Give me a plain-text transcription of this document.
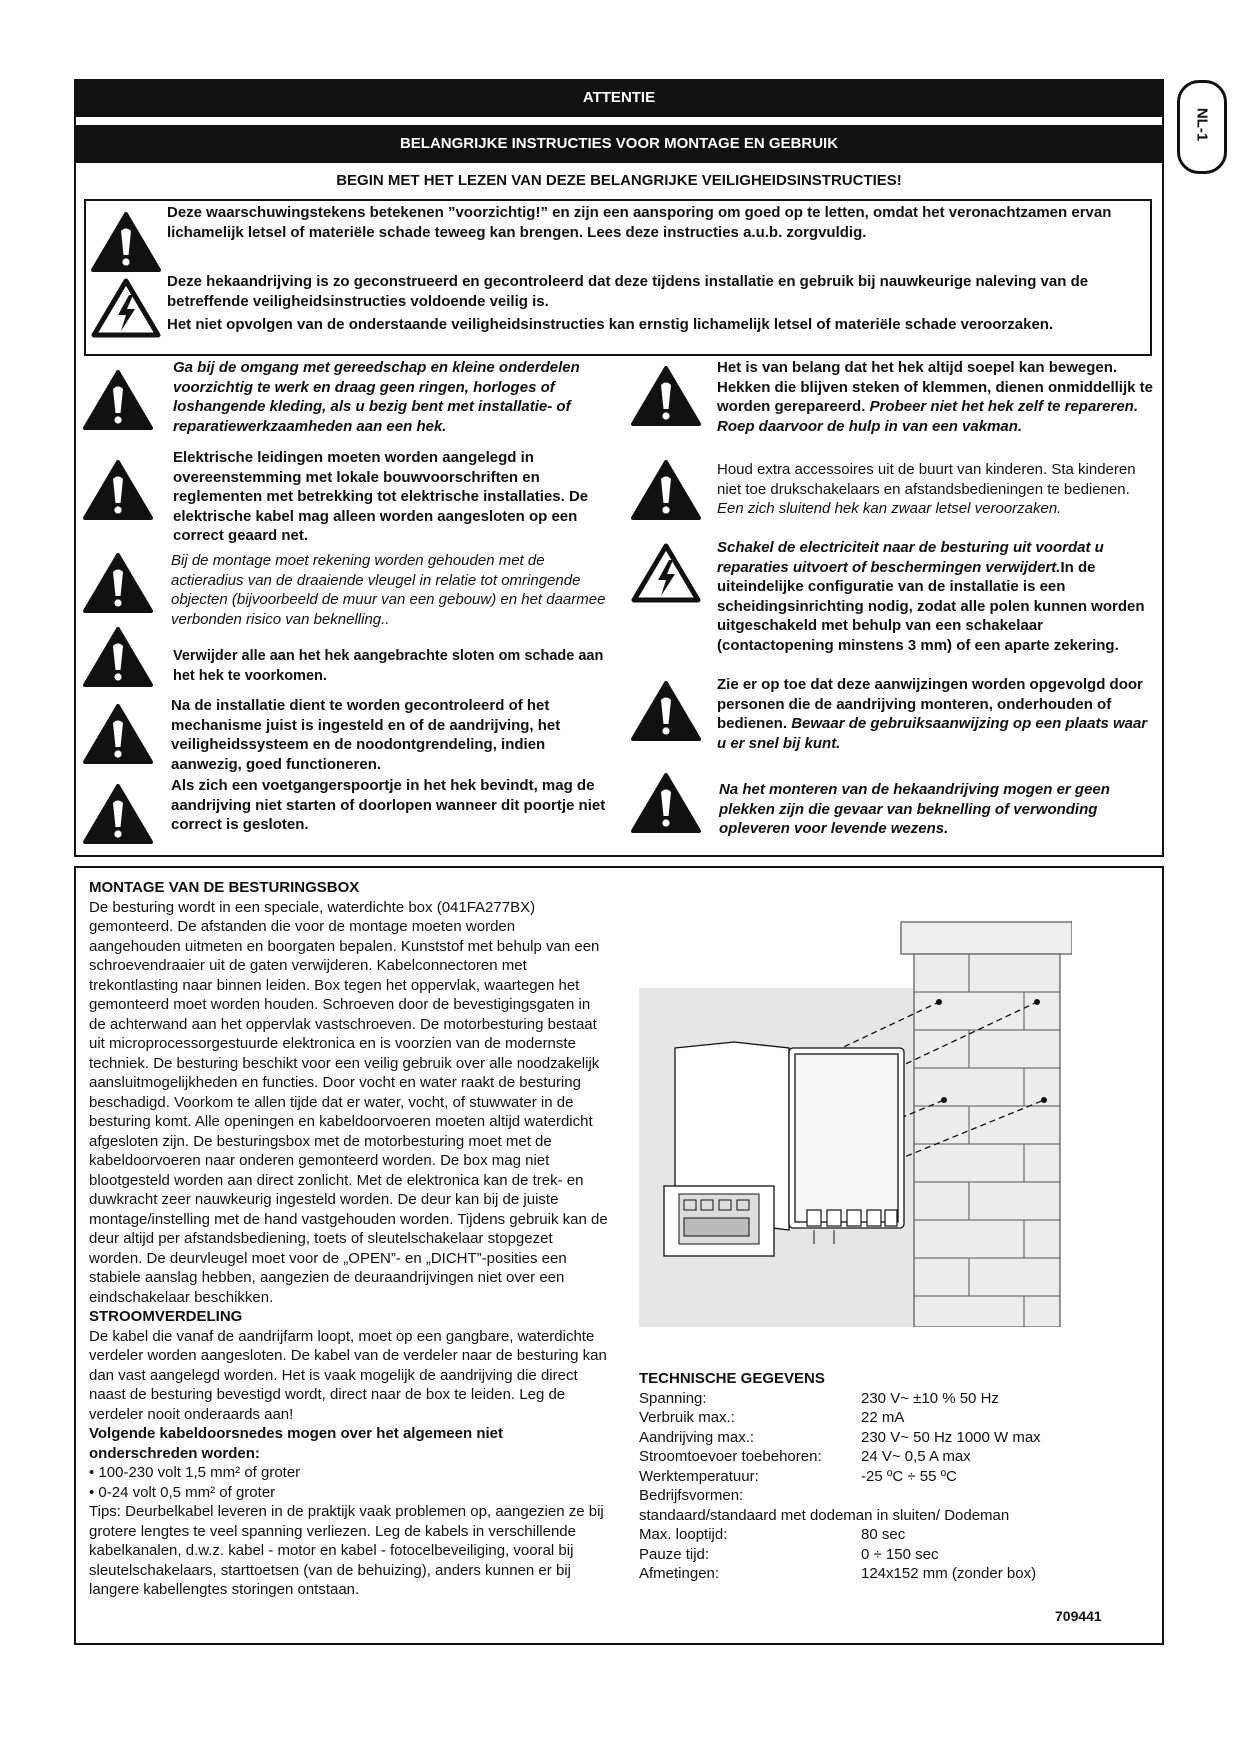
ATTENTIE
BELANGRIJKE INSTRUCTIES VOOR MONTAGE EN GEBRUIK
BEGIN MET HET LEZEN VAN DEZE BELANGRIJKE VEILIGHEIDSINSTRUCTIES!
NL-1
Deze waarschuwingstekens betekenen ”voorzichtig!” en zijn een aansporing om goed op te letten, omdat het veronachtzamen ervan lichamelijk letsel of materiële schade teweeg kan brengen. Lees deze instructies a.u.b. zorgvuldig.
Deze hekaandrijving is zo geconstrueerd en gecontroleerd dat deze tijdens installatie en gebruik bij nauwkeurige naleving van de betreffende veiligheidsinstructies voldoende veilig is.
Het niet opvolgen van de onderstaande veiligheidsinstructies kan ernstig lichamelijk letsel of materiële schade veroorzaken.
Ga bij de omgang met gereedschap en kleine onderdelen voorzichtig te werk en draag geen ringen, horloges of loshangende kleding, als u bezig bent met installatie- of reparatiewerkzaamheden aan een hek.
Elektrische leidingen moeten worden aangelegd in overeenstemming met lokale bouwvoorschriften en reglementen met betrekking tot elektrische installaties. De elektrische kabel mag alleen worden aangesloten op een correct geaard net.
Bij de montage moet rekening worden gehouden met de actieradius van de draaiende vleugel in relatie tot omringende objecten (bijvoorbeeld de muur van een gebouw) en het daarmee verbonden risico van beknelling..
Verwijder alle aan het hek aangebrachte sloten om schade aan het hek te voorkomen.
Na de installatie dient te worden gecontroleerd of het mechanisme juist is ingesteld en of de aandrijving, het veiligheidssysteem en de noodontgrendeling, indien aanwezig, goed functioneren.
Als zich een voetgangerspoortje in het hek bevindt, mag de aandrijving niet starten of doorlopen wanneer dit poortje niet correct is gesloten.
Het is van belang dat het hek altijd soepel kan bewegen. Hekken die blijven steken of klemmen, dienen onmiddellijk te worden gerepareerd. Probeer niet het hek zelf te repareren. Roep daarvoor de hulp in van een vakman.
Houd extra accessoires uit de buurt van kinderen. Sta kinderen niet toe drukschakelaars en afstandsbedieningen te bedienen. Een zich sluitend hek kan zwaar letsel veroorzaken.
Schakel de electriciteit naar de besturing uit voordat u reparaties uitvoert of beschermingen verwijdert.In de uiteindelijke configuratie van de installatie is een scheidingsinrichting nodig, zodat alle polen kunnen worden uitgeschakeld met behulp van een schakelaar (contactopening minstens 3 mm) of een aparte zekering.
Zie er op toe dat deze aanwijzingen worden opgevolgd door personen die de aandrijving monteren, onderhouden of bedienen. Bewaar de gebruiksaanwijzing op een plaats waar u er snel bij kunt.
Na het monteren van de hekaandrijving mogen er geen plekken zijn die gevaar van beknelling of verwonding opleveren voor levende wezens.
MONTAGE VAN DE BESTURINGSBOX
De besturing wordt in een speciale, waterdichte box (041FA277BX) gemonteerd. De afstanden die voor de montage moeten worden aangehouden uitmeten en boorgaten bepalen. Kunststof met behulp van een schroevendraaier uit de gaten verwijderen. Kabelconnectoren met trekontlasting naar binnen leiden. Box tegen het oppervlak, waartegen het gemonteerd moet worden houden. Schroeven door de bevestigingsgaten in de achterwand aan het oppervlak vastschroeven. De motorbesturing bestaat uit microprocessorgestuurde elektronica en is voorzien van de modernste techniek. De besturing beschikt voor een veilig gebruik over alle noodzakelijk aansluitmogelijkheden en functies. Door vocht en water raakt de besturing beschadigd. Voorkom te allen tijde dat er water, vocht, of stuwwater in de besturing komt. Alle openingen en kabeldoorvoeren moeten altijd waterdicht afgesloten zijn. De besturingsbox met de motorbesturing moet met de kabeldoorvoeren naar onderen gemonteerd worden. De box mag niet blootgesteld worden aan direct zonlicht. Met de elektronica kan de trek- en duwkracht zeer nauwkeurig ingesteld worden. De deur kan bij de juiste montage/instelling met de hand vastgehouden worden. Tijdens gebruik kan de deur altijd per afstandsbediening, toets of sleutelschakelaar stopgezet worden. De deurvleugel moet voor de „OPEN”- en „DICHT”-posities een stabiele aanslag hebben, aangezien de deuraandrijvingen niet over een eindschakelaar beschikken.
STROOMVERDELING
De kabel die vanaf de aandrijfarm loopt, moet op een gangbare, waterdichte verdeler worden aangesloten. De kabel van de verdeler naar de besturing kan dan vast aangelegd worden. Het is vaak mogelijk de aandrijving die direct naast de besturing bevestigd wordt, direct naar de box te leiden. Leg de verdeler nooit onderaards aan!
Volgende kabeldoorsnedes mogen over het algemeen niet onderschreden worden:
• 100-230 volt 1,5 mm² of groter
• 0-24 volt 0,5 mm² of groter
Tips: Deurbelkabel leveren in de praktijk vaak problemen op, aangezien ze bij grotere lengtes te veel spanning verliezen. Leg de kabels in verschillende kabelkanalen, d.w.z. kabel - motor en kabel - fotocelbeveiliging, vooral bij sleutelschakelaars, starttoetsen (van de behuizing), anders kunnen er bij langere kabellengtes storingen ontstaan.
TECHNISCHE GEGEVENS
Spanning:	230 V~ ±10 % 50 Hz
Verbruik max.:	22 mA
Aandrijving max.:	230 V~ 50 Hz 1000 W max
Stroomtoevoer toebehoren:	24 V~ 0,5 A max
Werktemperatuur:	-25 ºC ÷ 55 ºC
Bedrijfsvormen:
standaard/standaard met dodeman in sluiten/ Dodeman
Max. looptijd:	80 sec
Pauze tijd:	0 ÷ 150 sec
Afmetingen:	124x152 mm (zonder box)
709441
